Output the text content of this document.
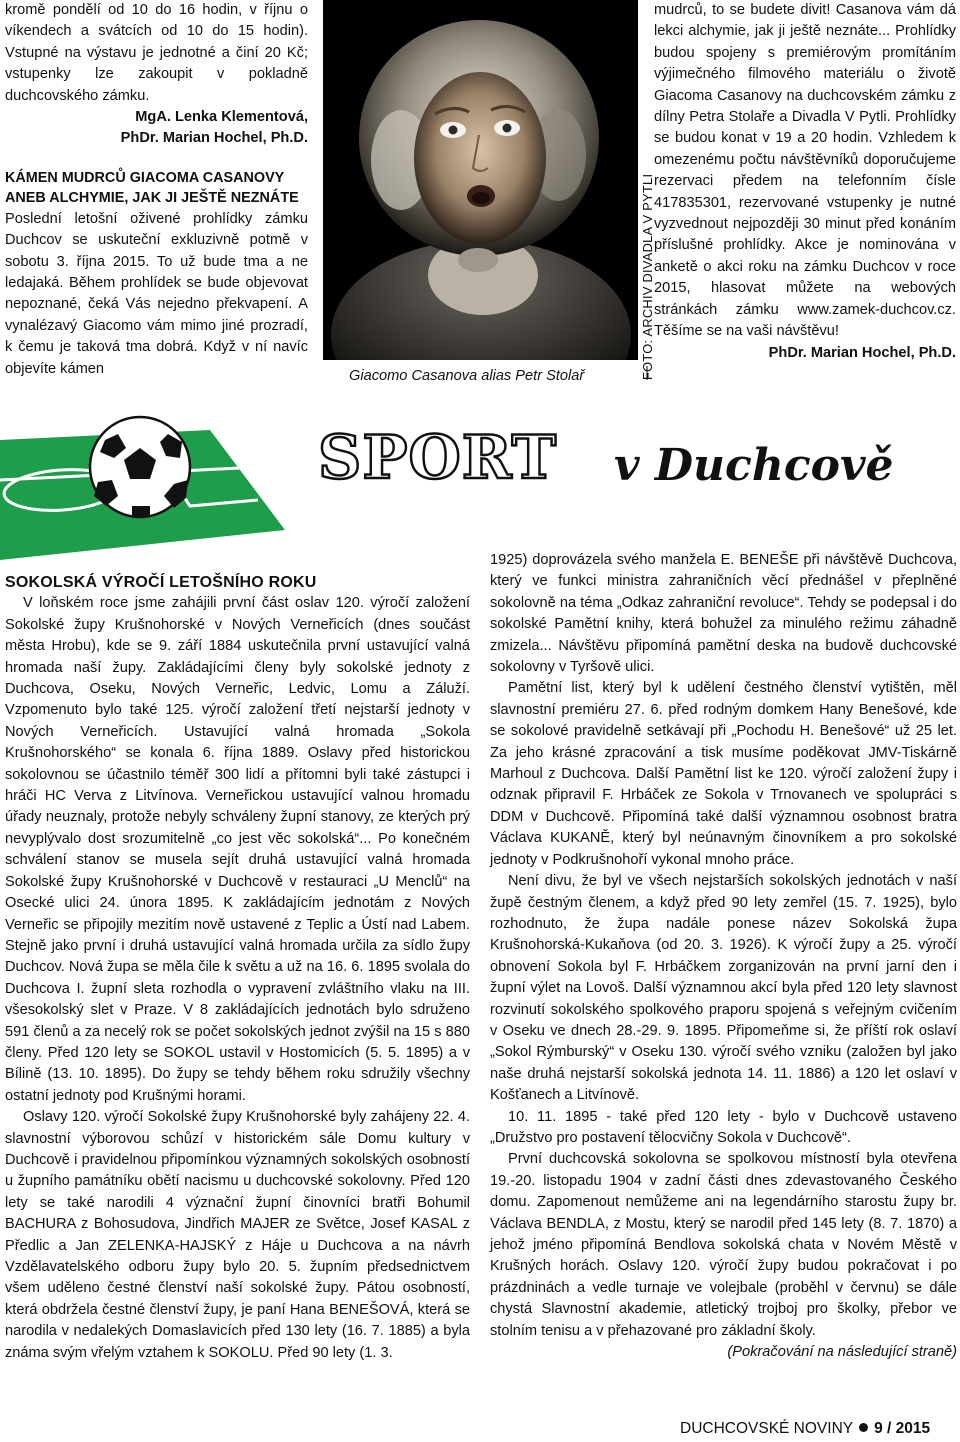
kromě pondělí od 10 do 16 hodin, v říjnu o víkendech a svátcích od 10 do 15 hodin). Vstupné na výstavu je jednotné a činí 20 Kč; vstupenky lze zakoupit v pokladně duchcovského zámku.

MgA. Lenka Klementová,

PhDr. Marian Hochel, Ph.D.

KÁMEN MUDRCŮ GIACOMA CASANOVY ANEB ALCHYMIE, JAK JI JEŠTĚ NEZNÁTE

Poslední letošní oživené prohlídky zámku Duchcov se uskuteční exkluzivně potmě v sobotu 3. října 2015. To už bude tma a ne ledajaká. Během prohlídek se bude objevovat nepoznané, čeká Vás nejedno překvapení. A vynalézavý Giacomo vám mimo jiné prozradí, k čemu je taková tma dobrá. Když v ní navíc objevíte kámen	Giacomo Casanova alias Petr Stolař	FOTO: ARCHIV DIVADLA V PYTLI

mudrců, to se budete divit! Casanova vám dá lekci alchymie, jak ji ještě neznáte... Prohlídky budou spojeny s premiérovým promítáním výjimečného filmového materiálu o životě Giacoma Casanovy na duchcovském zámku z dílny Petra Stolaře a Divadla V Pytli. Prohlídky se budou konat v 19 a 20 hodin. Vzhledem k omezenému počtu návštěvníků doporučujeme rezervaci předem na telefonním čísle 417835301, rezervované vstupenky je nutné vyzvednout nejpozději 30 minut před konáním příslušné prohlídky. Akce je nominována v anketě o akci roku na zámku Duchcov v roce 2015, hlasovat můžete na webových stránkách zámku www.zamek-duchcov.cz. Těšíme se na vaši návštěvu!

PhDr. Marian Hochel, Ph.D.

SPORT v Duchcově

SOKOLSKÁ VÝROČÍ LETOŠNÍHO ROKU

V loňském roce jsme zahájili první část oslav 120. výročí založení Sokolské župy Krušnohorské v Nových Verneřicích (dnes součást města Hrobu), kde se 9. září 1884 uskutečnila první ustavující valná hromada naší župy. Zakládajícími členy byly sokolské jednoty z Duchcova, Oseku, Nových Verneřic, Ledvic, Lomu a Záluží. Vzpomenuto bylo také 125. výročí založení třetí nejstarší jednoty v Nových Verneřicích. Ustavující valná hromada „Sokola Krušnohorského“ se konala 6. října 1889. Oslavy před historickou sokolovnou se účastnilo téměř 300 lidí a přítomni byli také zástupci i hráči HC Verva z Litvínova. Verneřickou ustavující valnou hromadu úřady neuznaly, protože nebyly schváleny župní stanovy, ze kterých prý nevyplývalo dost srozumitelně „co jest věc sokolská“... Po konečném schválení stanov se musela sejít druhá ustavující valná hromada Sokolské župy Krušnohorské v Duchcově v restauraci „U Menclů“ na Osecké ulici 24. února 1895. K zakládajícím jednotám z Nových Verneřic se připojily mezitím nově ustavené z Teplic a Ústí nad Labem. Stejně jako první i druhá ustavující valná hromada určila za sídlo župy Duchcov. Nová župa se měla čile k světu a už na 16. 6. 1895 svolala do Duchcova I. župní sleta rozhodla o vypravení zvláštního vlaku na III. všesokolský slet v Praze. V 8 zakládajících jednotách bylo sdruženo 591 členů a za necelý rok se počet sokolských jednot zvýšil na 15 s 880 členy. Před 120 lety se SOKOL ustavil v Hostomicích (5. 5. 1895) a v Bílině (13. 10. 1895). Do župy se tehdy během roku sdružily všechny ostatní jednoty pod Krušnými horami.

Oslavy 120. výročí Sokolské župy Krušnohorské byly zahájeny 22. 4. slavnostní výborovou schůzí v historickém sále Domu kultury v Duchcově i pravidelnou připomínkou významných sokolských osobností u župního památníku obětí nacismu u duchcovské sokolovny. Před 120 lety se také narodili 4 význační župní činovníci bratři Bohumil BACHURA z Bohosudova, Jindřich MAJER ze Světce, Josef KASAL z Předlic a Jan ZELENKA-HAJSKÝ z Háje u Duchcova a na návrh Vzdělavatelského odboru župy bylo 20. 5. župním předsednictvem všem uděleno čestné členství naší sokolské župy. Pátou osobností, která obdržela čestné členství župy, je paní Hana BENEŠOVÁ, která se narodila v nedalekých Domaslavicích před 130 lety (16. 7. 1885) a byla známa svým vřelým vztahem k SOKOLU. Před 90 lety (1. 3.

1925) doprovázela svého manžela E. BENEŠE při návštěvě Duchcova, který ve funkci ministra zahraničních věcí přednášel v přeplněné sokolovně na téma „Odkaz zahraniční revoluce“. Tehdy se podepsal i do sokolské Pamětní knihy, která bohužel za minulého režimu záhadně zmizela... Návštěvu připomíná pamětní deska na budově duchcovské sokolovny v Tyršově ulici.

Pamětní list, který byl k udělení čestného členství vytištěn, měl slavnostní premiéru 27. 6. před rodným domkem Hany Benešové, kde se sokolové pravidelně setkávají při „Pochodu H. Benešové“ už 25 let. Za jeho krásné zpracování a tisk musíme poděkovat JMV-Tiskárně Marhoul z Duchcova. Další Pamětní list ke 120. výročí založení župy i odznak připravil F. Hrbáček ze Sokola v Trnovanech ve spolupráci s DDM v Duchcově. Připomíná také další významnou osobnost bratra Václava KUKANĚ, který byl neúnavným činovníkem a pro sokolské jednoty v Podkrušnohoří vykonal mnoho práce.

Není divu, že byl ve všech nejstarších sokolských jednotách v naší župě čestným členem, a když před 90 lety zemřel (15. 7. 1925), bylo rozhodnuto, že župa nadále ponese název Sokolská župa Krušnohorská-Kukaňova (od 20. 3. 1926). K výročí župy a 25. výročí obnovení Sokola byl F. Hrbáčkem zorganizován na první jarní den i župní výlet na Lovoš. Další významnou akcí byla před 120 lety slavnost rozvinutí sokolského spolkového praporu spojená s veřejným cvičením v Oseku ve dnech 28.-29. 9. 1895. Připomeňme si, že příští rok oslaví „Sokol Rýmburský“ v Oseku 130. výročí svého vzniku (založen byl jako naše druhá nejstarší sokolská jednota 14. 11. 1886) a 120 let oslaví v Košťanech a Litvínově.

10. 11. 1895 - také před 120 lety - bylo v Duchcově ustaveno „Družstvo pro postavení tělocvičny Sokola v Duchcově“.

První duchcovská sokolovna se spolkovou místností byla otevřena 19.-20. listopadu 1904 v zadní části dnes zdevastovaného Českého domu. Zapomenout nemůžeme ani na legendárního starostu župy br. Václava BENDLA, z Mostu, který se narodil před 145 lety (8. 7. 1870) a jehož jméno připomíná Bendlova sokolská chata v Novém Městě v Krušných horách. Oslavy 120. výročí župy budou pokračovat i po prázdninách a vedle turnaje ve volejbale (proběhl v červnu) se dále chystá Slavnostní akademie, atletický trojboj pro školky, přebor ve stolním tenisu a v přehazované pro základní školy.

(Pokračování na následující straně)

DUCHCOVSKÉ NOVINY 9 / 2015
